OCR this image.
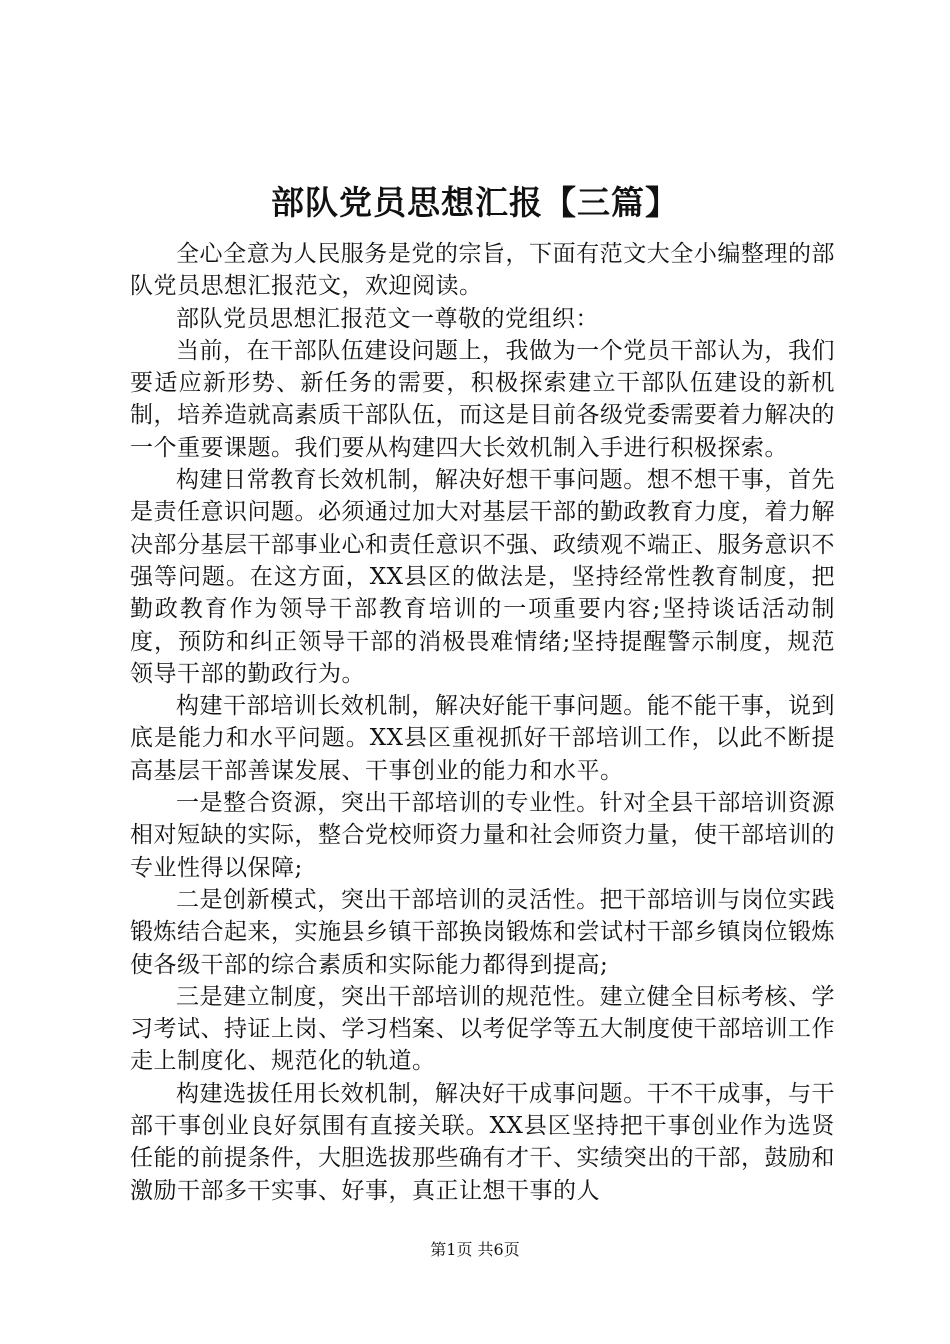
部队党员思想汇报【三篇】

全心全意为人民服务是党的宗旨，下面有范文大全小编整理的部队党员思想汇报范文，欢迎阅读。

部队党员思想汇报范文一尊敬的党组织：

当前，在干部队伍建设问题上，我做为一个党员干部认为，我们要适应新形势、新任务的需要，积极探索建立干部队伍建设的新机制，培养造就高素质干部队伍，而这是目前各级党委需要着力解决的一个重要课题。我们要从构建四大长效机制入手进行积极探索。

构建日常教育长效机制，解决好想干事问题。想不想干事，首先是责任意识问题。必须通过加大对基层干部的勤政教育力度，着力解决部分基层干部事业心和责任意识不强、政绩观不端正、服务意识不强等问题。在这方面，XX县区的做法是，坚持经常性教育制度，把勤政教育作为领导干部教育培训的一项重要内容;坚持谈话活动制度，预防和纠正领导干部的消极畏难情绪;坚持提醒警示制度，规范领导干部的勤政行为。

构建干部培训长效机制，解决好能干事问题。能不能干事，说到底是能力和水平问题。XX县区重视抓好干部培训工作，以此不断提高基层干部善谋发展、干事创业的能力和水平。

一是整合资源，突出干部培训的专业性。针对全县干部培训资源相对短缺的实际，整合党校师资力量和社会师资力量，使干部培训的专业性得以保障;

二是创新模式，突出干部培训的灵活性。把干部培训与岗位实践锻炼结合起来，实施县乡镇干部换岗锻炼和尝试村干部乡镇岗位锻炼使各级干部的综合素质和实际能力都得到提高;

三是建立制度，突出干部培训的规范性。建立健全目标考核、学习考试、持证上岗、学习档案、以考促学等五大制度使干部培训工作走上制度化、规范化的轨道。

构建选拔任用长效机制，解决好干成事问题。干不干成事，与干部干事创业良好氛围有直接关联。XX县区坚持把干事创业作为选贤任能的前提条件，大胆选拔那些确有才干、实绩突出的干部，鼓励和激励干部多干实事、好事，真正让想干事的人

第1页 共6页
